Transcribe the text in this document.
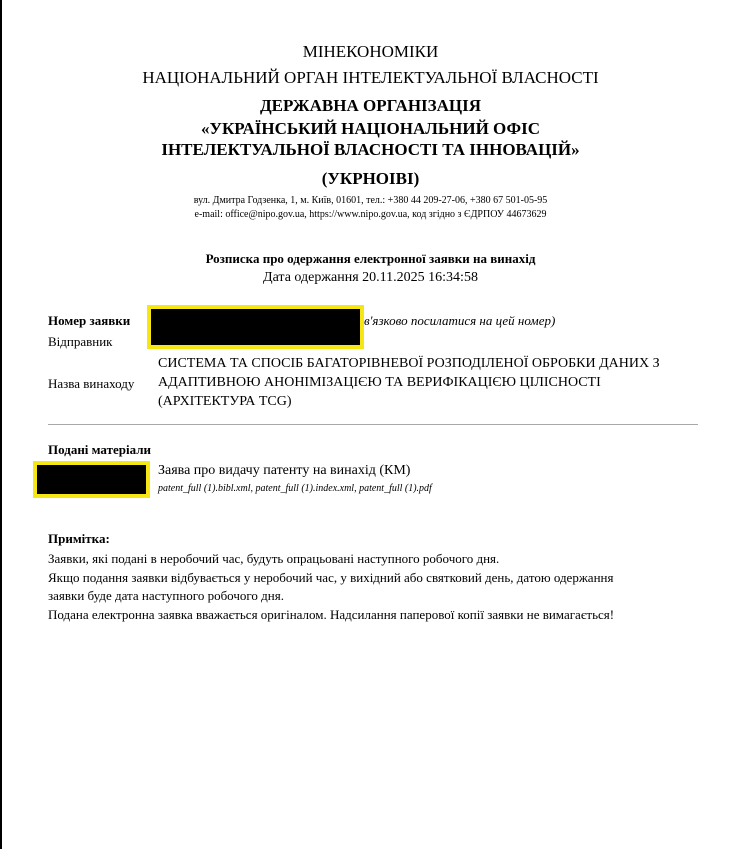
МІНЕКОНОМІКИ
НАЦІОНАЛЬНИЙ ОРГАН ІНТЕЛЕКТУАЛЬНОЇ ВЛАСНОСТІ
ДЕРЖАВНА ОРГАНІЗАЦІЯ
«УКРАЇНСЬКИЙ НАЦІОНАЛЬНИЙ ОФІС
ІНТЕЛЕКТУАЛЬНОЇ ВЛАСНОСТІ ТА ІННОВАЦІЙ»
(УКРНОІВІ)
вул. Дмитра Годзенка, 1, м. Київ, 01601, тел.: +380 44 209-27-06, +380 67 501-05-95
e-mail: office@nipo.gov.ua, https://www.nipo.gov.ua, код згідно з ЄДРПОУ 44673629
Розписка про одержання електронної заявки на винахід
Дата одержання 20.11.2025 16:34:58
Номер заявки	в'язково посилатися на цей номер)
Відправник
Назва винаходу
СИСТЕМА ТА СПОСІБ БАГАТОРІВНЕВОЇ РОЗПОДІЛЕНОЇ ОБРОБКИ ДАНИХ З
АДАПТИВНОЮ АНОНІМІЗАЦІЄЮ ТА ВЕРИФІКАЦІЄЮ ЦІЛІСНОСТІ
(АРХІТЕКТУРА TCG)
Подані матеріали
Заява про видачу патенту на винахід (КМ)
patent_full (1).bibl.xml, patent_full (1).index.xml, patent_full (1).pdf
Примітка:
Заявки, які подані в неробочий час, будуть опрацьовані наступного робочого дня.
Якщо подання заявки відбувається у неробочий час, у вихідний або святковий день, датою одержання
заявки буде дата наступного робочого дня.
Подана електронна заявка вважається оригіналом. Надсилання паперової копії заявки не вимагається!
